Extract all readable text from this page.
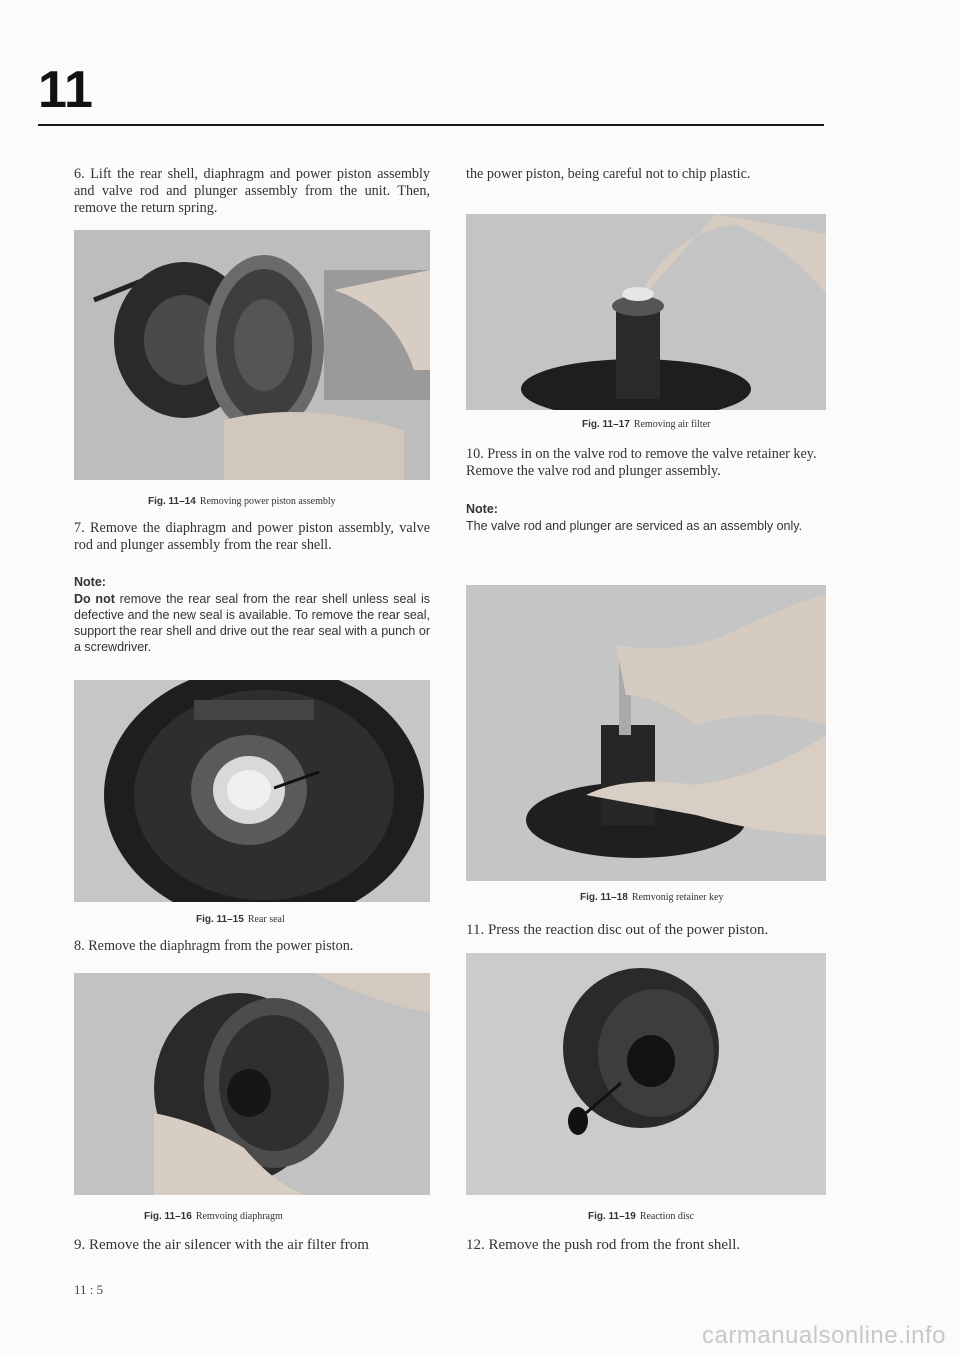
11

6. Lift the rear shell, diaphragm and power piston assembly and valve rod and plunger assembly from the unit. Then, remove the return spring.

Fig. 11–14 Removing power piston assembly

7. Remove the diaphragm and power piston assembly, valve rod and plunger assembly from the rear shell.

Note:

Do not remove the rear seal from the rear shell unless seal is defective and the new seal is available. To remove the rear seal, support the rear shell and drive out the rear seal with a punch or a screwdriver.

Fig. 11–15 Rear seal

8. Remove the diaphragm from the power piston.

Fig. 11–16 Remvoing diaphragm

9. Remove the air silencer with the air filter from

the power piston, being careful not to chip plastic.

Fig. 11–17 Removing air filter

10. Press in on the valve rod to remove the valve retainer key.
Remove the valve rod and plunger assembly.

Note:

The valve rod and plunger are serviced as an assembly only.

Fig. 11–18 Remvonig retainer key

11. Press the reaction disc out of the power piston.

Fig. 11–19 Reaction disc

12. Remove the push rod from the front shell.

11 : 5
carmanualsonline.info
